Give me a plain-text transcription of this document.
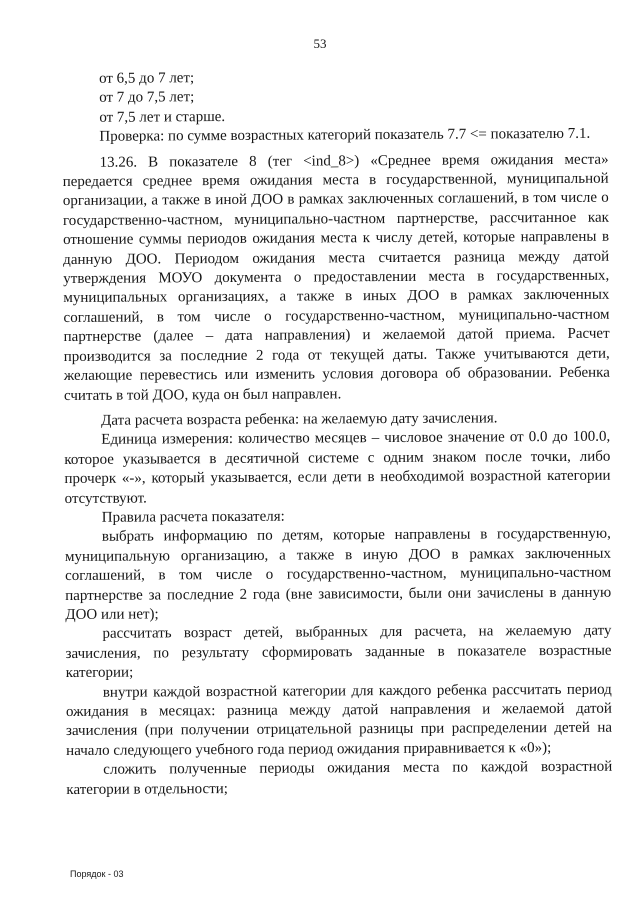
53

от 6,5 до 7 лет;

от 7 до 7,5 лет;

от 7,5 лет и старше.

Проверка: по сумме возрастных категорий показатель 7.7 <= показателю 7.1.

13.26. В показателе 8 (тег <ind_8>) «Среднее время ожидания места» передается среднее время ожидания места в государственной, муниципальной организации, а также в иной ДОО в рамках заключенных соглашений, в том числе о государственно-частном, муниципально-частном партнерстве, рассчитанное как отношение суммы периодов ожидания места к числу детей, которые направлены в данную ДОО. Периодом ожидания места считается разница между датой утверждения МОУО документа о предоставлении места в государственных, муниципальных организациях, а также в иных ДОО в рамках заключенных соглашений, в том числе о государственно-частном, муниципально-частном партнерстве (далее – дата направления) и желаемой датой приема. Расчет производится за последние 2 года от текущей даты. Также учитываются дети, желающие перевестись или изменить условия договора об образовании. Ребенка считать в той ДОО, куда он был направлен.

Дата расчета возраста ребенка: на желаемую дату зачисления.

Единица измерения: количество месяцев – числовое значение от 0.0 до 100.0, которое указывается в десятичной системе с одним знаком после точки, либо прочерк «-», который указывается, если дети в необходимой возрастной категории отсутствуют.

Правила расчета показателя:

выбрать информацию по детям, которые направлены в государственную, муниципальную организацию, а также в иную ДОО в рамках заключенных соглашений, в том числе о государственно-частном, муниципально-частном партнерстве за последние 2 года (вне зависимости, были они зачислены в данную ДОО или нет);

рассчитать возраст детей, выбранных для расчета, на желаемую дату зачисления, по результату сформировать заданные в показателе возрастные категории;

внутри каждой возрастной категории для каждого ребенка рассчитать период ожидания в месяцах: разница между датой направления и желаемой датой зачисления (при получении отрицательной разницы при распределении детей на начало следующего учебного года период ожидания приравнивается к «0»);

сложить полученные периоды ожидания места по каждой возрастной категории в отдельности;

Порядок - 03
